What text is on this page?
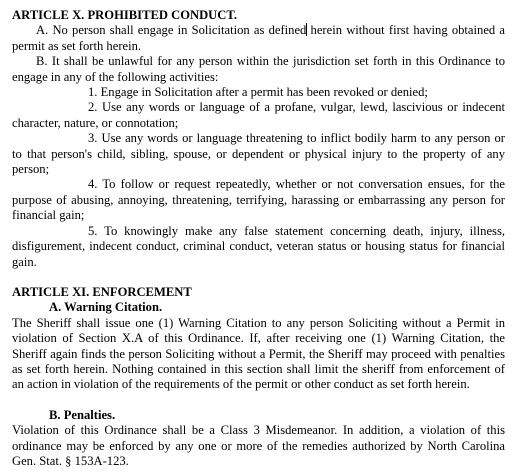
ARTICLE X. PROHIBITED CONDUCT.

A. No person shall engage in Solicitation as defined herein without first having obtained a permit as set forth herein.

B. It shall be unlawful for any person within the jurisdiction set forth in this Ordinance to engage in any of the following activities:

1. Engage in Solicitation after a permit has been revoked or denied;

2. Use any words or language of a profane, vulgar, lewd, lascivious or indecent character, nature, or connotation;

3. Use any words or language threatening to inflict bodily harm to any person or to that person's child, sibling, spouse, or dependent or physical injury to the property of any person;

4. To follow or request repeatedly, whether or not conversation ensues, for the purpose of abusing, annoying, threatening, terrifying, harassing or embarrassing any person for financial gain;

5. To knowingly make any false statement concerning death, injury, illness, disfigurement, indecent conduct, criminal conduct, veteran status or housing status for financial gain.

ARTICLE XI. ENFORCEMENT

A. Warning Citation.

The Sheriff shall issue one (1) Warning Citation to any person Soliciting without a Permit in violation of Section X.A of this Ordinance. If, after receiving one (1) Warning Citation, the Sheriff again finds the person Soliciting without a Permit, the Sheriff may proceed with penalties as set forth herein. Nothing contained in this section shall limit the sheriff from enforcement of an action in violation of the requirements of the permit or other conduct as set forth herein.

B. Penalties.

Violation of this Ordinance shall be a Class 3 Misdemeanor. In addition, a violation of this ordinance may be enforced by any one or more of the remedies authorized by North Carolina Gen. Stat. § 153A-123.
